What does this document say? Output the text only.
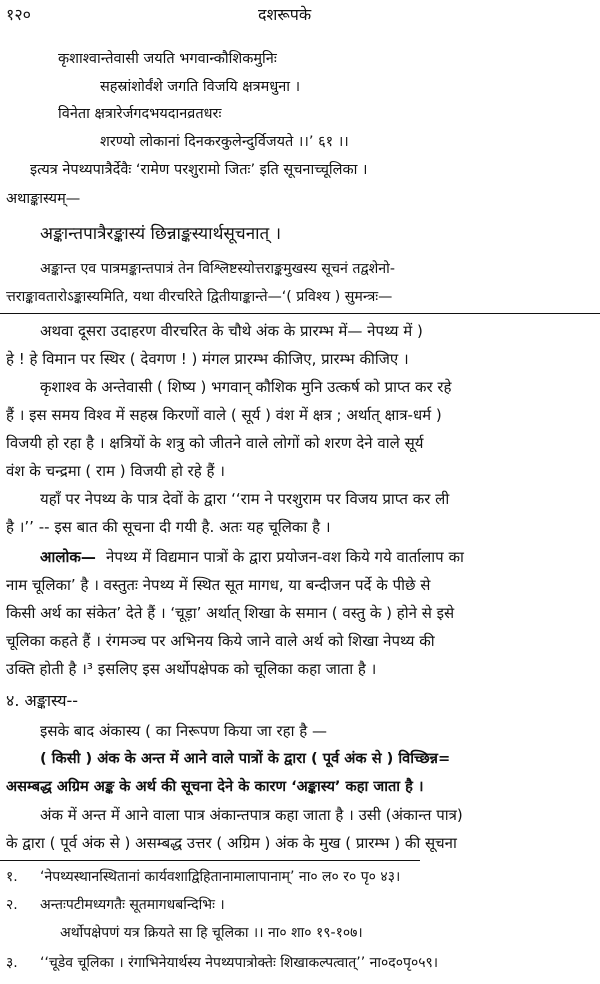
१२०	दशरूपके
कृशाश्वान्तेवासी जयति भगवान्कौशिकमुनिः
सहस्रांशोर्वंशे जगति विजयि क्षत्रमधुना ।
विनेता क्षत्रारेर्जगदभयदानव्रतधरः
शरण्यो लोकानां दिनकरकुलेन्दुर्विजयते ।।’ ६१ ।।
इत्यत्र नेपथ्यपात्रैर्देवैः ‘रामेण परशुरामो जितः’ इति सूचनाच्चूलिका ।
अथाङ्कास्यम्—
अङ्कान्तपात्रैरङ्कास्यं छिन्नाङ्कस्यार्थसूचनात् ।
अङ्कान्त एव पात्रमङ्कान्तपात्रं तेन विश्लिष्टस्योत्तराङ्कमुखस्य सूचनं तद्वशेनो-
त्तराङ्कावतारोऽङ्कास्यमिति, यथा वीरचरिते द्वितीयाङ्कान्ते—‘( प्रविश्य ) सुमन्त्रः—
अथवा दूसरा उदाहरण वीरचरित के चौथे अंक के प्रारम्भ में— नेपथ्य में )
हे ! हे विमान पर स्थिर ( देवगण ! ) मंगल प्रारम्भ कीजिए, प्रारम्भ कीजिए ।
कृशाश्व के अन्तेवासी ( शिष्य ) भगवान् कौशिक मुनि उत्कर्ष को प्राप्त कर रहे
हैं । इस समय विश्व में सहस्र किरणों वाले ( सूर्य ) वंश में क्षत्र ; अर्थात् क्षात्र-धर्म )
विजयी हो रहा है । क्षत्रियों के शत्रु को जीतने वाले लोगों को शरण देने वाले सूर्य
वंश के चन्द्रमा ( राम ) विजयी हो रहे हैं ।
यहाँ पर नेपथ्य के पात्र देवों के द्वारा ‘‘राम ने परशुराम पर विजय प्राप्त कर ली
है ।’’ -- इस बात की सूचना दी गयी है. अतः यह चूलिका है ।
आलोक— नेपथ्य में विद्यमान पात्रों के द्वारा प्रयोजन-वश किये गये वार्तालाप का
नाम चूलिका’ है । वस्तुतः नेपथ्य में स्थित सूत मागध, या बन्दीजन पर्दे के पीछे से
किसी अर्थ का संकेत’ देते हैं । ‘चूड़ा’ अर्थात् शिखा के समान ( वस्तु के ) होने से इसे
चूलिका कहते हैं । रंगमञ्च पर अभिनय किये जाने वाले अर्थ को शिखा नेपथ्य की
उक्ति होती है ।³ इसलिए इस अर्थोपक्षेपक को चूलिका कहा जाता है ।
४. अङ्कास्य--
इसके बाद अंकास्य ( का निरूपण किया जा रहा है —
( किसी ) अंक के अन्त में आने वाले पात्रों के द्वारा ( पूर्व अंक से ) विच्छिन्न=
असम्बद्ध अग्रिम अङ्क के अर्थ की सूचना देने के कारण ‘अङ्कास्य’ कहा जाता है ।
अंक में अन्त में आने वाला पात्र अंकान्तपात्र कहा जाता है । उसी (अंकान्त पात्र)
के द्वारा ( पूर्व अंक से ) असम्बद्ध उत्तर ( अग्रिम ) अंक के मुख ( प्रारम्भ ) की सूचना
१. ‘नेपथ्यस्थानस्थितानां कार्यवशाद्विहितानामालापानाम्’ ना० ल० र० पृ० ४३।
२. अन्तःपटीमध्यगतैः सूतमागधबन्दिभिः ।
अर्थोपक्षेपणं यत्र क्रियते सा हि चूलिका ।। ना० शा० १९-१०७।
३. ‘‘चूडेव चूलिका । रंगाभिनेयार्थस्य नेपथ्यपात्रोक्तेः शिखाकल्पत्वात्’’ ना०द०पृ०५९।
